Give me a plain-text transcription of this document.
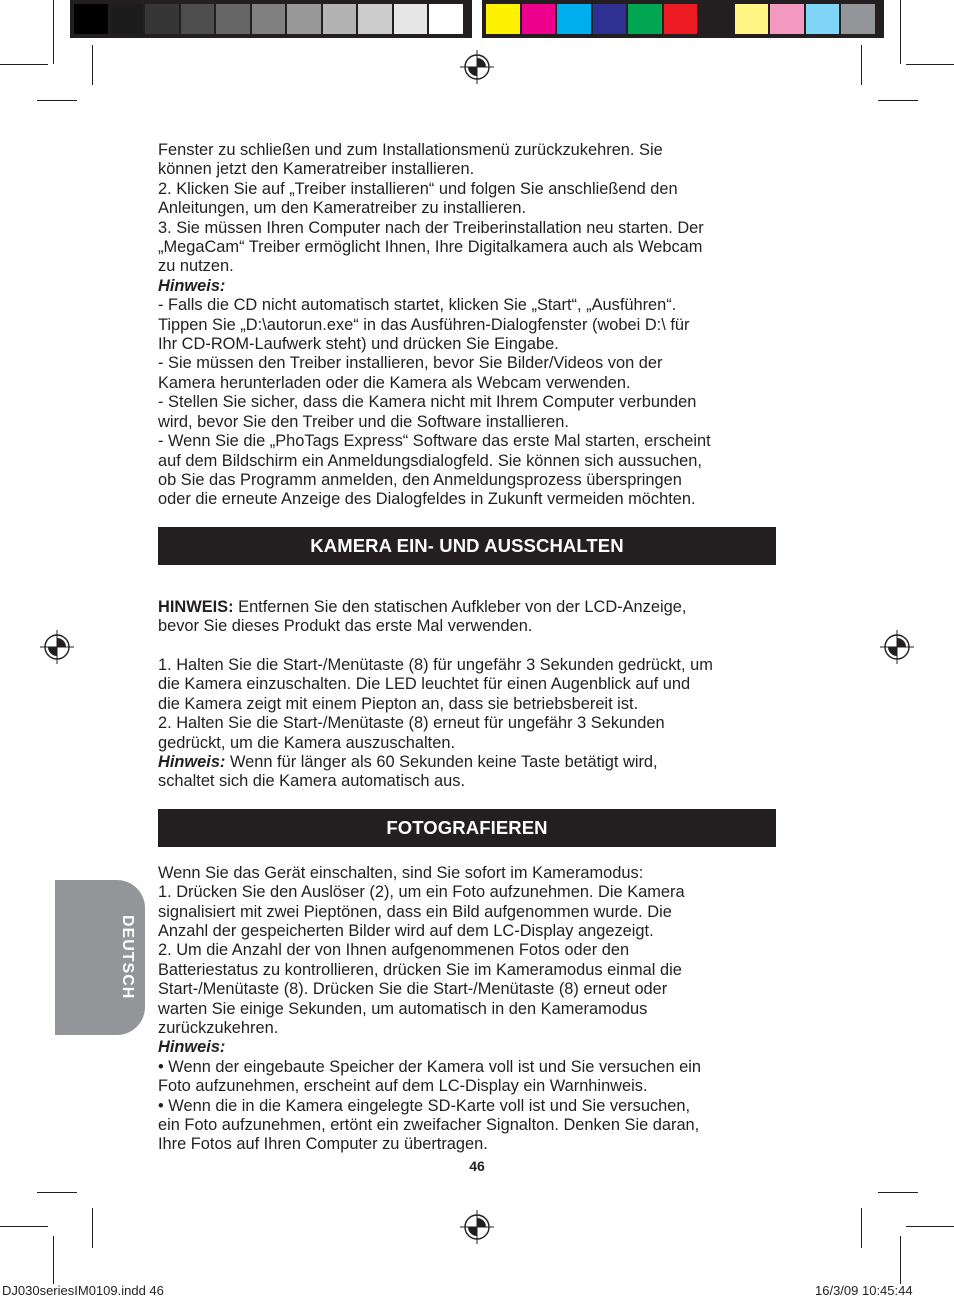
Fenster zu schließen und zum Installationsmenü zurückzukehren. Sie

können jetzt den Kameratreiber installieren.

2. Klicken Sie auf „Treiber installieren“ und folgen Sie anschließend den

Anleitungen, um den Kameratreiber zu installieren.

3. Sie müssen Ihren Computer nach der Treiberinstallation neu starten. Der

„MegaCam“ Treiber ermöglicht Ihnen, Ihre Digitalkamera auch als Webcam

zu nutzen.

Hinweis:

- Falls die CD nicht automatisch startet, klicken Sie „Start“, „Ausführen“.

Tippen Sie „D:\autorun.exe“ in das Ausführen-Dialogfenster (wobei D:\ für

Ihr CD-ROM-Laufwerk steht) und drücken Sie Eingabe.

- Sie müssen den Treiber installieren, bevor Sie Bilder/Videos von der

Kamera herunterladen oder die Kamera als Webcam verwenden.

- Stellen Sie sicher, dass die Kamera nicht mit Ihrem Computer verbunden

wird, bevor Sie den Treiber und die Software installieren.

- Wenn Sie die „PhoTags Express“ Software das erste Mal starten, erscheint

auf dem Bildschirm ein Anmeldungsdialogfeld. Sie können sich aussuchen,

ob Sie das Programm anmelden, den Anmeldungsprozess überspringen

oder die erneute Anzeige des Dialogfeldes in Zukunft vermeiden möchten.

KAMERA EIN- UND AUSSCHALTEN

HINWEIS: Entfernen Sie den statischen Aufkleber von der LCD-Anzeige,

bevor Sie dieses Produkt das erste Mal verwenden.

1. Halten Sie die Start-/Menütaste (8) für ungefähr 3 Sekunden gedrückt, um

die Kamera einzuschalten. Die LED leuchtet für einen Augenblick auf und

die Kamera zeigt mit einem Piepton an, dass sie betriebsbereit ist.

2. Halten Sie die Start-/Menütaste (8) erneut für ungefähr 3 Sekunden

gedrückt, um die Kamera auszuschalten.

Hinweis: Wenn für länger als 60 Sekunden keine Taste betätigt wird,

schaltet sich die Kamera automatisch aus.

FOTOGRAFIEREN

Wenn Sie das Gerät einschalten, sind Sie sofort im Kameramodus:

1. Drücken Sie den Auslöser (2), um ein Foto aufzunehmen. Die Kamera

signalisiert mit zwei Pieptönen, dass ein Bild aufgenommen wurde. Die

Anzahl der gespeicherten Bilder wird auf dem LC-Display angezeigt.

2. Um die Anzahl der von Ihnen aufgenommenen Fotos oder den

Batteriestatus zu kontrollieren, drücken Sie im Kameramodus einmal die

Start-/Menütaste (8). Drücken Sie die Start-/Menütaste (8) erneut oder

warten Sie einige Sekunden, um automatisch in den Kameramodus

zurückzukehren.

Hinweis:

• Wenn der eingebaute Speicher der Kamera voll ist und Sie versuchen ein

Foto aufzunehmen, erscheint auf dem LC-Display ein Warnhinweis.

• Wenn die in die Kamera eingelegte SD-Karte voll ist und Sie versuchen,

ein Foto aufzunehmen, ertönt ein zweifacher Signalton. Denken Sie daran,

Ihre Fotos auf Ihren Computer zu übertragen.

DEUTSCH
46
DJ030seriesIM0109.indd 46	16/3/09 10:45:44
